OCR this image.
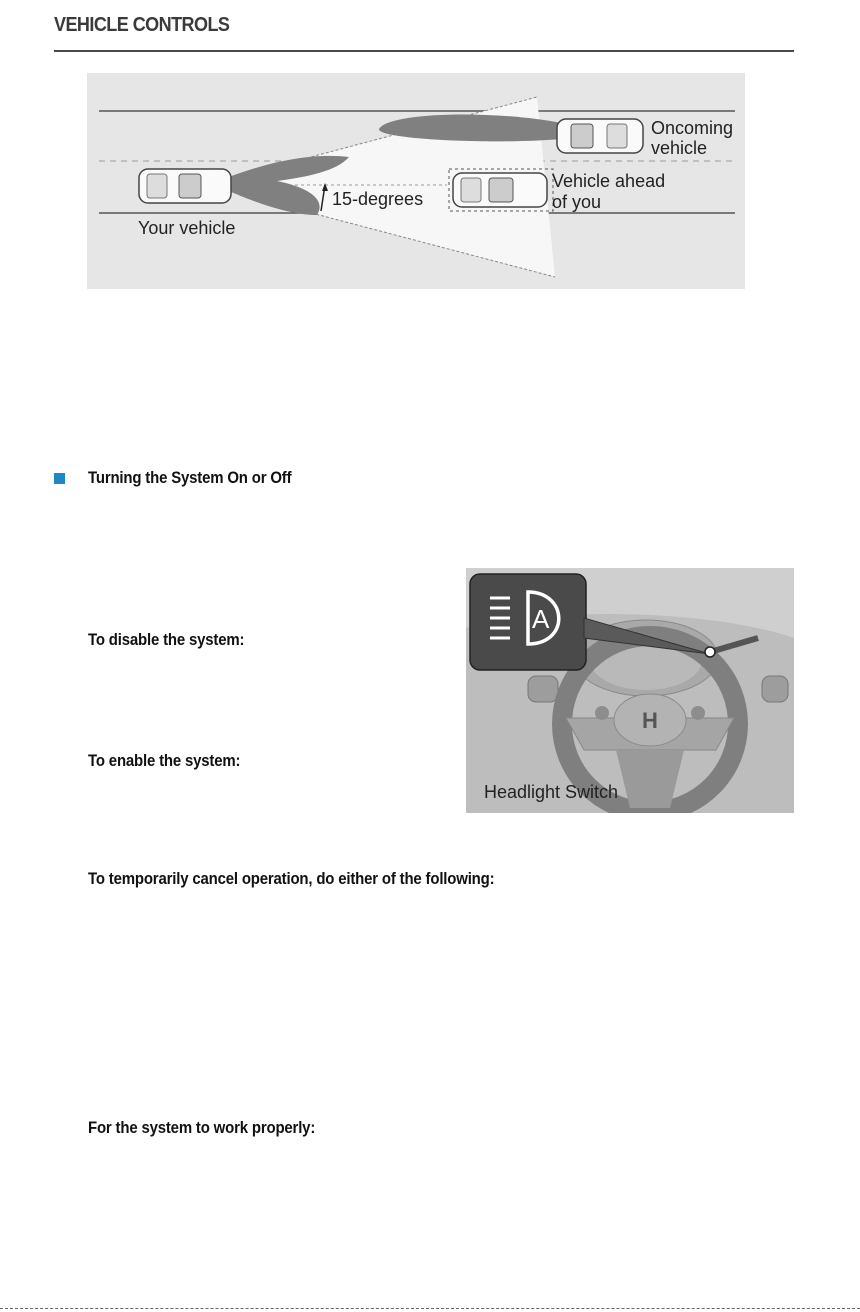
VEHICLE CONTROLS
Oncoming
vehicle
Vehicle ahead
of you
15-degrees
Your vehicle
Turning the System On or Off
To disable the system:
To enable the system:
To temporarily cancel operation, do either of the following:
For the system to work properly:
H
A
Headlight Switch
